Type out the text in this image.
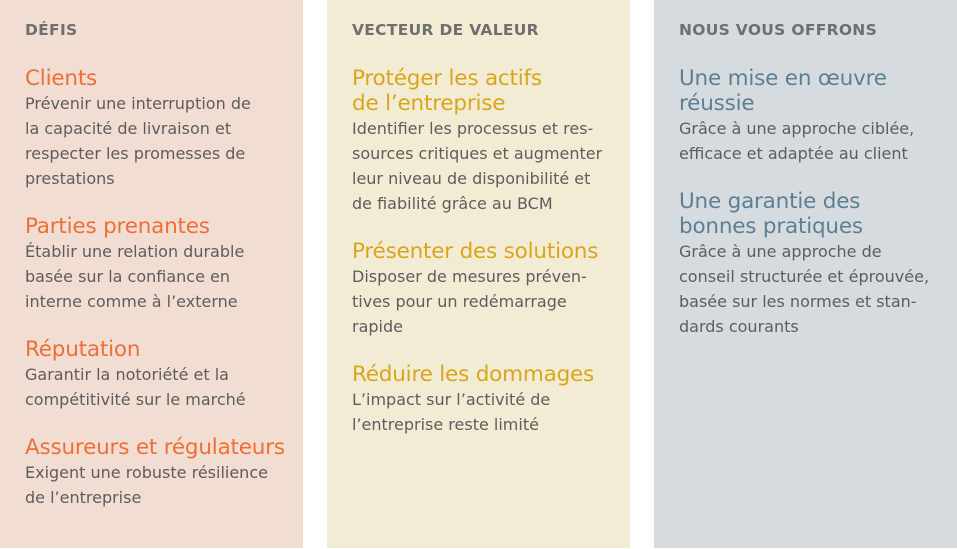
DÉFIS
Clients
Prévenir une interruption de
la capacité de livraison et
respecter les promesses de
prestations
Parties prenantes
Établir une relation durable
basée sur la confiance en
interne comme à l’externe
Réputation
Garantir la notoriété et la
compétitivité sur le marché
Assureurs et régulateurs
Exigent une robuste résilience
de l’entreprise
VECTEUR DE VALEUR
Protéger les actifs
de l’entreprise
Identifier les processus et res-
sources critiques et augmenter
leur niveau de disponibilité et
de fiabilité grâce au BCM
Présenter des solutions
Disposer de mesures préven-
tives pour un redémarrage
rapide
Réduire les dommages
L’impact sur l’activité de
l’entreprise reste limité
NOUS VOUS OFFRONS
Une mise en œuvre
réussie
Grâce à une approche ciblée,
efficace et adaptée au client
Une garantie des
bonnes pratiques
Grâce à une approche de
conseil structurée et éprouvée,
basée sur les normes et stan-
dards courants
